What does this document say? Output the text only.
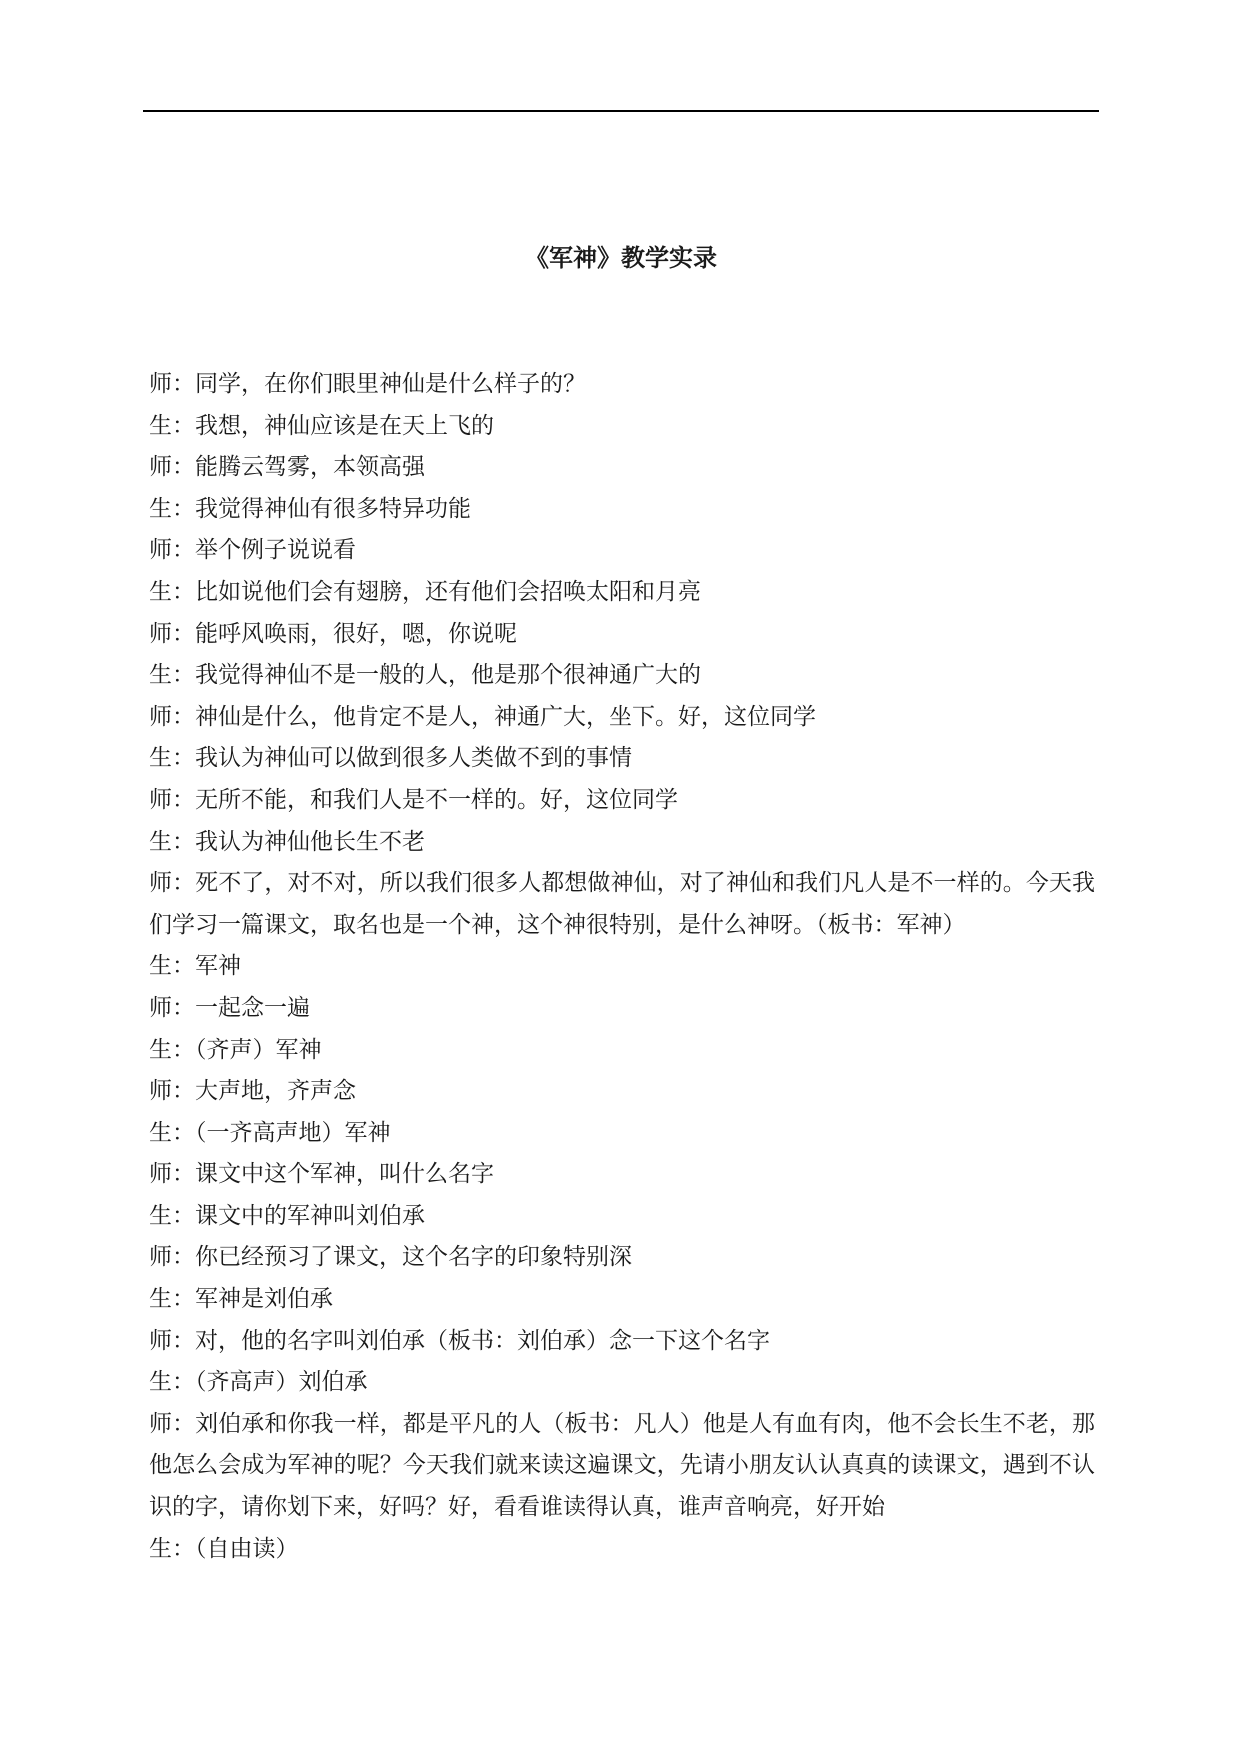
《军神》教学实录
师：同学，在你们眼里神仙是什么样子的？
生：我想，神仙应该是在天上飞的
师：能腾云驾雾，本领高强
生：我觉得神仙有很多特异功能
师：举个例子说说看
生：比如说他们会有翅膀，还有他们会招唤太阳和月亮
师：能呼风唤雨，很好，嗯，你说呢
生：我觉得神仙不是一般的人，他是那个很神通广大的
师：神仙是什么，他肯定不是人，神通广大，坐下。好，这位同学
生：我认为神仙可以做到很多人类做不到的事情
师：无所不能，和我们人是不一样的。好，这位同学
生：我认为神仙他长生不老
师：死不了，对不对，所以我们很多人都想做神仙，对了神仙和我们凡人是不一样的。今天我们学习一篇课文，取名也是一个神，这个神很特别，是什么神呀。（板书：军神）
生：军神
师：一起念一遍
生：（齐声）军神
师：大声地，齐声念
生：（一齐高声地）军神
师：课文中这个军神，叫什么名字
生：课文中的军神叫刘伯承
师：你已经预习了课文，这个名字的印象特别深
生：军神是刘伯承
师：对，他的名字叫刘伯承（板书：刘伯承）念一下这个名字
生：（齐高声）刘伯承
师：刘伯承和你我一样，都是平凡的人（板书：凡人）他是人有血有肉，他不会长生不老，那他怎么会成为军神的呢？今天我们就来读这遍课文，先请小朋友认认真真的读课文，遇到不认识的字，请你划下来，好吗？好，看看谁读得认真，谁声音响亮，好开始
生：（自由读）
